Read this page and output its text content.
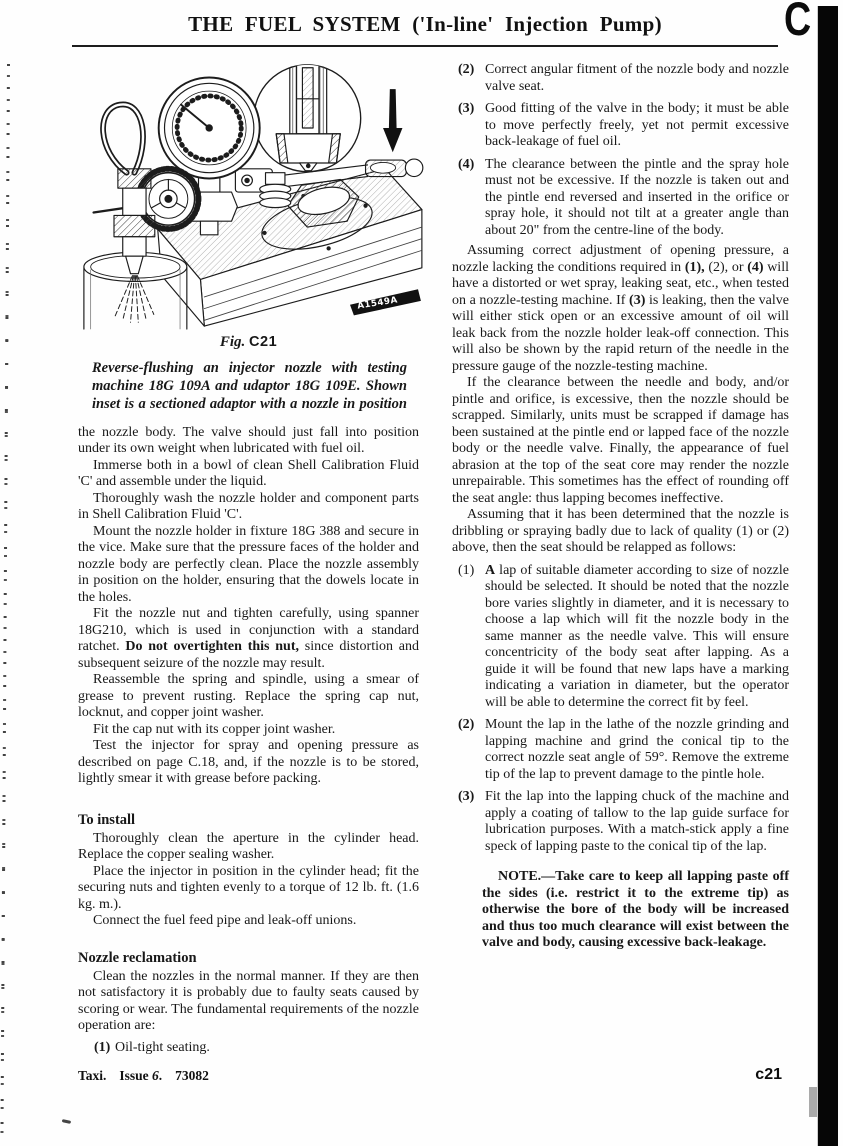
THE FUEL SYSTEM ('In-line' Injection Pump)	C
A1549A
Fig. C21
Reverse-flushing an injector nozzle with testing
machine 18G 109A and udaptor 18G 109E. Shown
inset is a sectioned adaptor with a nozzle in position

the nozzle body. The valve should just fall into position under its own weight when lubricated with fuel oil.

Immerse both in a bowl of clean Shell Calibration Fluid 'C' and assemble under the liquid.

Thoroughly wash the nozzle holder and component parts in Shell Calibration Fluid 'C'.

Mount the nozzle holder in fixture 18G 388 and secure in the vice. Make sure that the pressure faces of the holder and nozzle body are perfectly clean. Place the nozzle assembly in position on the holder, ensuring that the dowels locate in the holes.

Fit the nozzle nut and tighten carefully, using spanner 18G210, which is used in conjunction with a standard ratchet. Do not overtighten this nut, since distortion and subsequent seizure of the nozzle may result.

Reassemble the spring and spindle, using a smear of grease to prevent rusting. Replace the spring cap nut, locknut, and copper joint washer.

Fit the cap nut with its copper joint washer.

Test the injector for spray and opening pressure as described on page C.18, and, if the nozzle is to be stored, lightly smear it with grease before packing.

To install

Thoroughly clean the aperture in the cylinder head. Replace the copper sealing washer.

Place the injector in position in the cylinder head; fit the securing nuts and tighten evenly to a torque of 12 lb. ft. (1.6 kg. m.).

Connect the fuel feed pipe and leak-off unions.

Nozzle reclamation

Clean the nozzles in the normal manner. If they are then not satisfactory it is probably due to faulty seats caused by scoring or wear. The fundamental requirements of the nozzle operation are:

(1) Oil-tight seating.
(2) Correct angular fitment of the nozzle body and nozzle valve seat.
(3) Good fitting of the valve in the body; it must be able to move perfectly freely, yet not permit excessive back-leakage of fuel oil.
(4) The clearance between the pintle and the spray hole must not be excessive. If the nozzle is taken out and the pintle end reversed and inserted in the orifice or spray hole, it should not tilt at a greater angle than about 20" from the centre-line of the body.

Assuming correct adjustment of opening pressure, a nozzle lacking the conditions required in (1), (2), or (4) will have a distorted or wet spray, leaking seat, etc., when tested on a nozzle-testing machine. If (3) is leaking, then the valve will either stick open or an excessive amount of oil will leak back from the nozzle holder leak-off connection. This will also be shown by the rapid return of the needle in the pressure gauge of the nozzle-testing machine.

If the clearance between the needle and body, and/or pintle and orifice, is excessive, then the nozzle should be scrapped. Similarly, units must be scrapped if damage has been sustained at the pintle end or lapped face of the nozzle body or the needle valve. Finally, the appearance of fuel abrasion at the top of the seat core may render the nozzle unrepairable. This sometimes has the effect of rounding off the seat angle: thus lapping becomes ineffective.

Assuming that it has been determined that the nozzle is dribbling or spraying badly due to lack of quality (1) or (2) above, then the seat should be relapped as follows:

(1) A lap of suitable diameter according to size of nozzle should be selected. It should be noted that the nozzle bore varies slightly in diameter, and it is necessary to choose a lap which will fit the nozzle body in the same manner as the needle valve. This will ensure concentricity of the body seat after lapping. As a guide it will be found that new laps have a marking indicating a variation in diameter, but the operator will be able to determine the correct fit by feel.
(2) Mount the lap in the lathe of the nozzle grinding and lapping machine and grind the conical tip to the correct nozzle seat angle of 59°. Remove the extreme tip of the lap to prevent damage to the pintle hole.
(3) Fit the lap into the lapping chuck of the machine and apply a coating of tallow to the lap guide surface for lubrication purposes. With a match-stick apply a fine speck of lapping paste to the conical tip of the lap.

NOTE.—Take care to keep all lapping paste off the sides (i.e. restrict it to the extreme tip) as otherwise the bore of the body will be increased and thus too much clearance will exist between the valve and body, causing excessive back-leakage.

Taxi. Issue 6. 73082	c21
